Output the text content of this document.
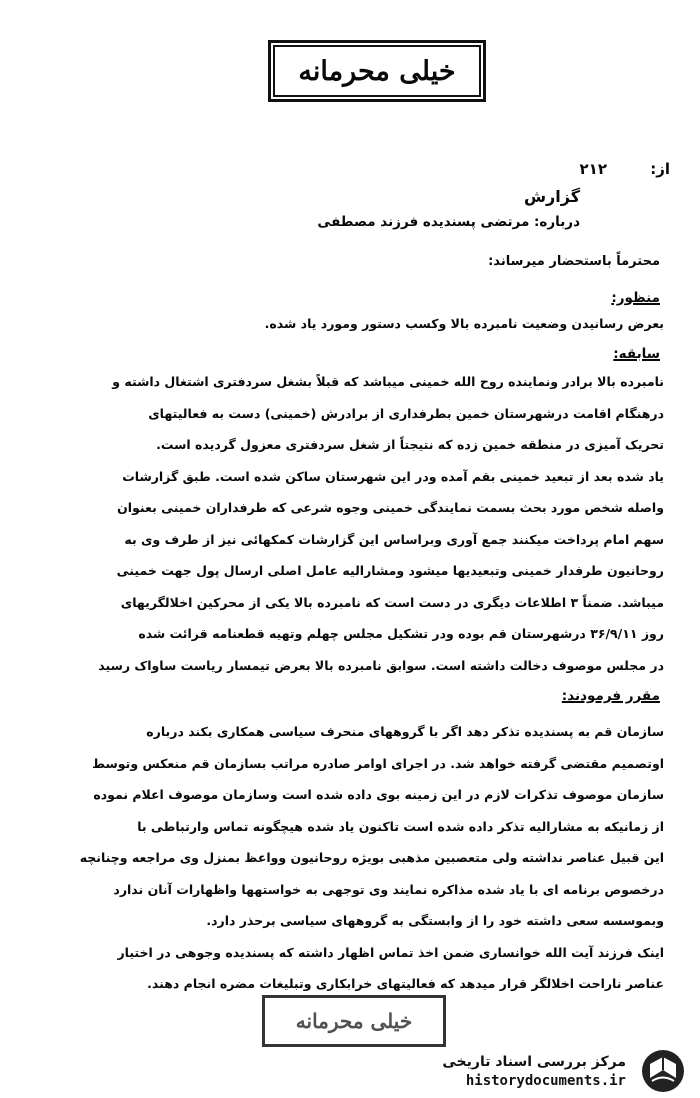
خیلی محرمانه
از: ٢١٢
گزارش
درباره: مرتضی پسندیده فرزند مصطفی
محترماً باستحضار میرساند:
منظور:
بعرض رسانیدن وضعیت نامبرده بالا وکسب دستور ومورد یاد شده.
سابقه:
نامبرده بالا برادر ونماینده روح الله خمینی میباشد که قبلاً بشغل سردفتری اشتغال داشته و
درهنگام اقامت درشهرستان خمین بطرفداری از برادرش (خمینی) دست به فعالیتهای
تحریک آمیزی در منطقه خمین زده که نتیجتاً از شغل سردفتری معزول گردیده است.
یاد شده بعد از تبعید خمینی بقم آمده ودر این شهرستان ساکن شده است. طبق گزارشات
واصله شخص مورد بحث بسمت نمایندگی خمینی وجوه شرعی که طرفداران خمینی بعنوان
سهم امام پرداخت میکنند جمع آوری وبراساس این گزارشات کمکهائی نیز از طرف وی به
روحانیون طرفدار خمینی وتبعیدیها میشود ومشارالیه عامل اصلی ارسال پول جهت خمینی
میباشد. ضمناً ۳ اطلاعات دیگری در دست است که نامبرده بالا یکی از محرکین اخلالگریهای
روز ۳۶/۹/۱۱ درشهرستان قم بوده ودر تشکیل مجلس چهلم وتهیه قطعنامه قرائت شده
در مجلس موصوف دخالت داشته است. سوابق نامبرده بالا بعرض تیمسار ریاست ساواک رسید
مقرر فرمودند:
سازمان قم به پسندیده تذکر دهد اگر با گروههای منحرف سیاسی همکاری بکند درباره
اوتصمیم مقتضی گرفته خواهد شد. در اجرای اوامر صادره مراتب بسازمان قم منعکس وتوسط
سازمان موصوف تذکرات لازم در این زمینه بوی داده شده است وسازمان موصوف اعلام نموده
از زمانیکه به مشارالیه تذکر داده شده است تاکنون یاد شده هیچگونه تماس وارتباطی با
این قبیل عناصر نداشته ولی متعصبین مذهبی بویژه روحانیون وواعظ بمنزل وی مراجعه وچنانچه
درخصوص برنامه ای با یاد شده مذاکره نمایند وی توجهی به خواستهها واظهارات آنان ندارد
وبموسسه سعی داشته خود را از وابستگی به گروههای سیاسی برحذر دارد.
اینک فرزند آیت الله خوانساری ضمن اخذ تماس اظهار داشته که پسندیده وجوهی در اختیار
عناصر ناراحت اخلالگر قرار میدهد که فعالیتهای خرابکاری وتبلیغات مضره انجام دهند.
خیلی محرمانه
مرکز بررسی اسناد تاریخی
historydocuments.ir
